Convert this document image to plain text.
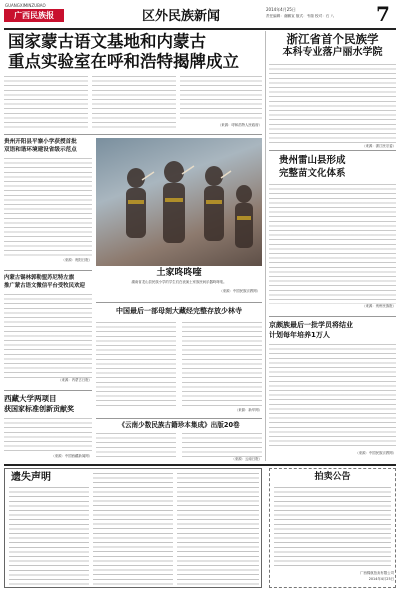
GUANGXIMINZUBAO
广西民族报	区外民族新闻	2014年4月25日
责任编辑：谢鹏宣 版式：韦瑞 校对：石 八 7
国家蒙古语文基地和内蒙古
重点实验室在呼和浩特揭牌成立
（来源：呼和浩特人民政府）
浙江省首个民族学
本科专业落户丽水学院
（来源：浙江民宗委）
贵州开阳县平寨小学获授首批
双语和谐环境建设省级示范点
（来源：贵阳日报）
土家咚咚喹
湖南省龙山县民族小学的学生们在表演土家族民间乐器咚咚喹。
（来源：中国民族宗教网）
贵州雷山县形成
完整苗文化体系
（来源：贵州民族报）
内蒙古锡林郭勒盟苏尼特左旗
推广蒙古语文微信平台受牧民欢迎
（来源：内蒙古日报）
中国最后一部母刻大藏经完整存放少林寺
（来源：新华网）
京颇族最后一批学员将结业
计划每年培养1万人
（来源：中国民族宗教网）
西藏大学两项目
获国家标准创新贡献奖
（来源：中国西藏新闻网）
《云南少数民族古籍珍本集成》出版20卷
（来源：云南日报）
遗失声明	拍卖公告
广西锦航拍卖有限公司
2014年4月25日
